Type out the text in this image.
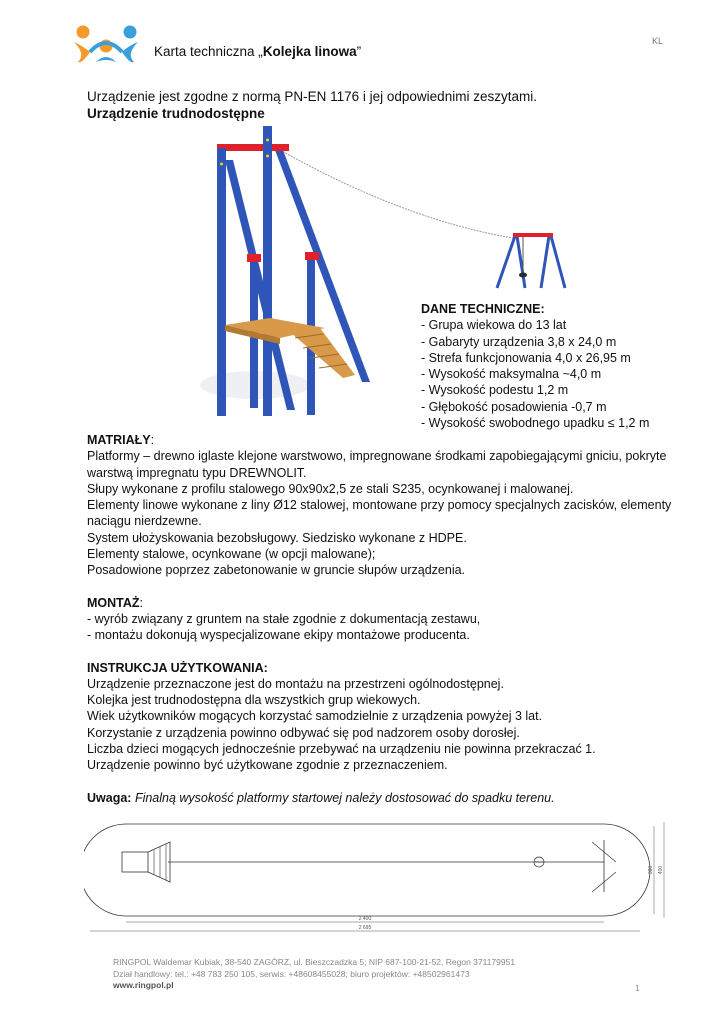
KL
Karta techniczna „Kolejka linowa”
Urządzenie jest zgodne z normą PN-EN 1176 i jej odpowiednimi zeszytami.
Urządzenie trudnodostępne
DANE TECHNICZNE:
- Grupa wiekowa do 13 lat
- Gabaryty urządzenia 3,8 x 24,0 m
- Strefa funkcjonowania 4,0 x 26,95 m
- Wysokość maksymalna ~4,0 m
- Wysokość podestu 1,2 m
- Głębokość posadowienia -0,7 m
- Wysokość swobodnego upadku ≤ 1,2 m

MATRIAŁY:

Platformy – drewno iglaste klejone warstwowo, impregnowane środkami zapobiegającymi gniciu, pokryte warstwą impregnatu typu DREWNOLIT.

Słupy wykonane z profilu stalowego 90x90x2,5 ze stali S235, ocynkowanej i malowanej.

Elementy linowe wykonane z liny Ø12 stalowej, montowane przy pomocy specjalnych zacisków, elementy naciągu nierdzewne.

System ułożyskowania bezobsługowy. Siedzisko wykonane z HDPE.

Elementy stalowe, ocynkowane (w opcji malowane);

Posadowione poprzez zabetonowanie w gruncie słupów urządzenia.

MONTAŻ:

- wyrób związany z gruntem na stałe zgodnie z dokumentacją zestawu,

- montażu dokonują wyspecjalizowane ekipy montażowe producenta.

INSTRUKCJA UŻYTKOWANIA:

Urządzenie przeznaczone jest do montażu na przestrzeni ogólnodostępnej.

Kolejka jest trudnodostępna dla wszystkich grup wiekowych.

Wiek użytkowników mogących korzystać samodzielnie z urządzenia powyżej 3 lat.

Korzystanie z urządzenia powinno odbywać się pod nadzorem osoby dorosłej.

Liczba dzieci mogących jednocześnie przebywać na urządzeniu nie powinna przekraczać 1.

Urządzenie powinno być użytkowane zgodnie z przeznaczeniem.

Uwaga: Finalną wysokość platformy startowej należy dostosować do spadku terenu.

2 400
2 695
380 400
RINGPOL Waldemar Kubiak, 38-540 ZAGÓRZ, ul. Bieszczadzka 5; NIP 687-100-21-52, Regon 371179951
Dział handlowy: tel.: +48 783 250 105, serwis: +48608455028; biuro projektów: +48502961473
www.ringpol.pl	1
